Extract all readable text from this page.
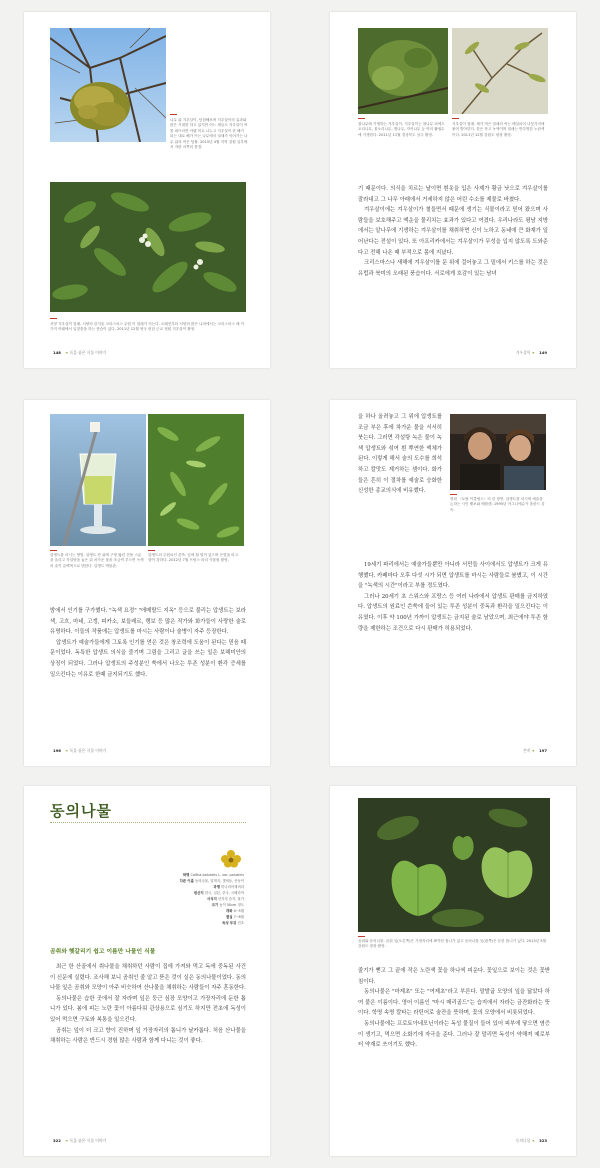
나무 위 겨우살이, 탐험해보며 겨우살이의 효과와 많은 기대를 하고 있지만 어느 새들도 겨우살이 씨를 퍼뜨리면 아랫 어로 나누고 겨우살이 한 해가 되는 대로 해가 뜨는 나무에서 열매가 익어가는 나무 위의 작은 덤불. 2015년 4월 지역 강원 일부에서 자란 서쪽의 풍경.

서양 겨우살이 열매. 서양의 한겨울 크리스마스 무렵 이 열매가 익는다. 오래전부터 서양의 많은 나라에서는 크리스마스 때 이 가지 아래에서 입맞춤을 하는 풍습이 있다. 2011년 12월 영국 런던 근교 정원 겨우살이 촬영.

148 ❧ 독을 품은 식물 이야기

참나무에 기생하는 겨우살이. 겨우살이는 참나무 외에도 오리나무, 물오리나무, 밤나무, 자작나무 등 여러 활엽수에 기생한다. 2011년 11월 경상북도 상주 촬영.

겨우살이 열매. 새가 먹은 열매의 씨는 배설되어 나뭇가지에 붙어 발아한다. 꽃은 작고 녹색이며 열매는 반투명한 노란색이다. 2011년 12월 강원도 평창 촬영.

기 때문이다. 의식을 치르는 날이면 흰옷을 입은 사제가 황금 낫으로 겨우살이를 잘라내고 그 나무 아래에서 거세하지 않은 어린 수소를 제물로 바쳤다.

겨우살이에는 겨우살이가 철들면서 때문에 생기는 식물이라고 믿어 왔으며 사람들을 보호해주고 액운을 물리치는 효과가 있다고 여겼다. 우리나라도 평남 지방에서는 알나무에 기생하는 겨우살이를 채취하면 신이 노하고 동네에 큰 화재가 일어난다는 전설이 있다. 또 아프리카에서는 겨우살이가 무성을 입지 않도록 도와준다고 전해 나온 때 부적으로 몸에 지녔다.

크리스마스나 새해에 겨우살이를 문 위에 걸어놓고 그 밑에서 키스를 하는 것은 유럽과 북미의 오래된 풍습이다. 서로에게 호감이 있는 남녀

겨우살이 ❧ 149

압생트를 마시는 방법. 압생트 잔 위에 구멍 뚫린 전용 스푼을 올리고 각설탕을 놓은 뒤 차가운 물을 조금씩 부으면 녹색의 술이 유백색으로 변한다. 압생트 박물관.

압생트의 주원료인 쓴쑥. 잎에 흰 털이 있으며 은빛을 띠고 향이 강하다. 2012년 7월 프랑스 파리 식물원 촬영.

밤에서 인기를 구가했다. "녹색 요정" "에메랄드 지옥" 등으로 불리는 압생트는 보라색, 고흐, 마네, 고갱, 피카소, 보들레르, 랭보 등 많은 작가와 화가들이 사랑한 술로 유명하다. 이들의 작품에는 압생트를 마시는 사람이나 술병이 자주 등장한다.

압생트가 예술가들에게 그토록 인기를 얻은 것은 창조력에 도움이 된다는 믿음 때문이었다. 독특한 압생트 의식을 즐기며 그림을 그리고 글을 쓰는 일은 보헤미안의 상징이 되었다. 그러나 압생트의 주성분인 쑥에서 나오는 투존 성분이 환각 증세를 일으킨다는 이유로 한때 금지되기도 했다.

196 ❧ 독을 품은 식물 이야기

을 하나 올려놓고 그 위에 압생트를 조금 부은 후에 차가운 물을 서서히 붓는다. 그러면 각설탕 녹은 물이 녹색 압생트와 섞여 흰 뿌연한 액체가 된다. 이렇게 해서 술의 도수를 희석하고 칼맛도 제거하는 셈이다. 화가들은 흔히 이 절차를 예술로 승화한 신성한 종교의식에 비유했다.

영화 〈토탈 이클립스〉의 한 장면. 압생트를 마시며 예술을 논하는 시인 랭보와 베를렌. 1995년 아그니에슈카 홀란드 감독.

19세기 파리에서는 예술가들뿐만 아니라 서민들 사이에서도 압생트가 크게 유행했다. 카페마다 오후 다섯 시가 되면 압생트를 마시는 사람들로 붐볐고, 이 시간을 "녹색의 시간"이라고 부를 정도였다.

그러나 20세기 초 스위스와 프랑스 등 여러 나라에서 압생트 판매를 금지하였다. 압생트의 원료인 쓴쑥에 들어 있는 투존 성분이 중독과 환각을 일으킨다는 이유였다. 이후 약 100년 가까이 압생트는 금지된 술로 남았으며, 최근에야 투존 함량을 제한하는 조건으로 다시 판매가 허용되었다.

쓴쑥 ❧ 197
동의나물
학명 Caltha palustris L. var. palustris
다른 이름 동의나물, 얼개지, 갯버들, 산동이
과명 미나리아재비과
원산지 한국, 일본, 중국, 시베리아
서식지 산지의 습지, 물가
크기 높이 50cm 정도
개화 4~5월
결실 7~8월
독성 부위 전초
곰취와 헷갈리기 쉽고 이름만 나물인 식물

최근 한 산골에서 취나물을 채취하던 사람이 집에 가져와 먹고 독에 중독된 사건이 신문에 실렸다. 조사해 보니 곰취인 줄 알고 뜯은 것이 실은 동의나물이었다. 동의나물 잎은 곰취와 모양이 아주 비슷하여 산나물을 채취하는 사람들이 자주 혼동한다.

동의나물은 습한 곳에서 잘 자라며 잎은 둥근 심장 모양이고 가장자리에 둔한 톱니가 있다. 봄에 피는 노란 꽃이 아름다워 관상용으로 심기도 하지만 전초에 독성이 있어 먹으면 구토와 복통을 일으킨다.

곰취는 잎이 더 크고 향이 진하며 잎 가장자리의 톱니가 날카롭다. 처음 산나물을 채취하는 사람은 반드시 경험 많은 사람과 함께 다니는 것이 좋다.

322 ❧ 독을 품은 식물 이야기

곰취와 동의나물. 곰취 잎(오른쪽)은 가장자리에 뾰족한 톱니가 있고 동의나물 잎(왼쪽)은 둔한 톱니가 있다. 2013년 5월 강원도 평창 촬영.

줄기가 뻗고 그 끝에 작은 노란색 꽃을 하나씩 피운다. 꽃잎으로 보이는 것은 꽃받침이다.

동의나물은 "마제초" 또는 "여제초"라고 부른다. 말발굽 모양의 잎을 닮았다 하여 붙은 이름이다. 영어 이름인 "마시 매리골드"는 습지에서 자라는 금잔화라는 뜻이다. 학명 속명 칼타는 라틴어로 술잔을 뜻하며, 꽃의 모양에서 비롯되었다.

동의나물에는 프로토아네모닌이라는 독성 물질이 들어 있어 피부에 닿으면 염증이 생기고, 먹으면 소화기에 자극을 준다. 그러나 잘 말리면 독성이 약해져 예로부터 약재로 쓰이기도 했다.

동의나물 ❧ 323
